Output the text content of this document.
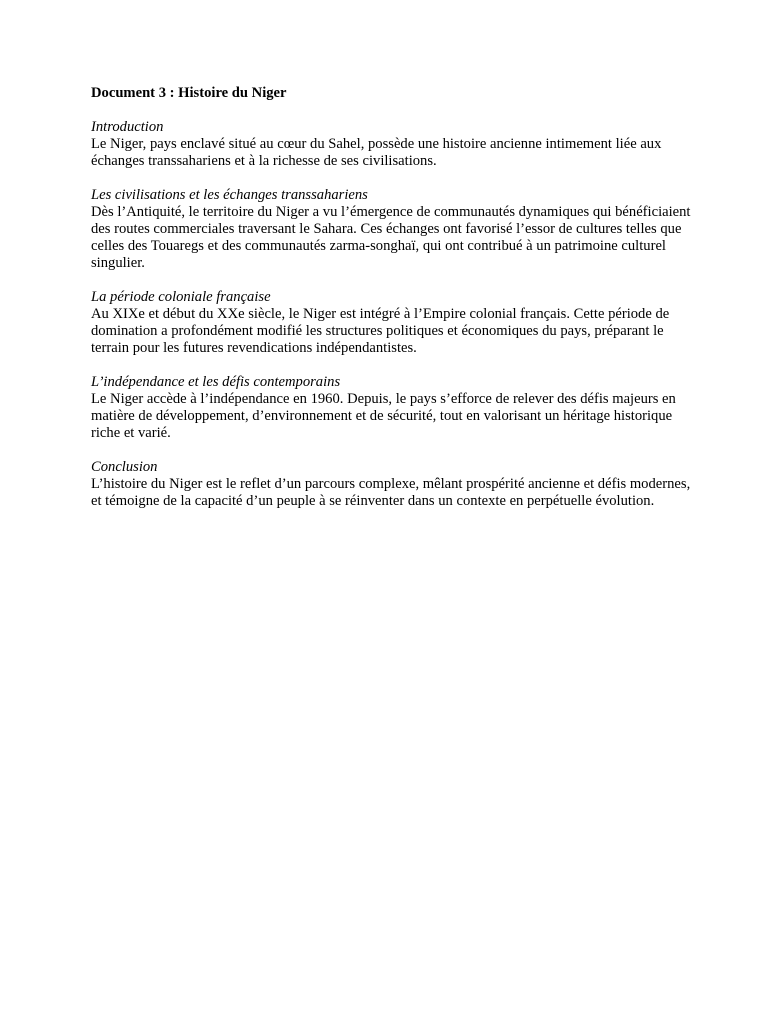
Document 3 : Histoire du Niger
Introduction
Le Niger, pays enclavé situé au cœur du Sahel, possède une histoire ancienne intimement liée aux échanges transsahariens et à la richesse de ses civilisations.
Les civilisations et les échanges transsahariens
Dès l’Antiquité, le territoire du Niger a vu l’émergence de communautés dynamiques qui bénéficiaient des routes commerciales traversant le Sahara. Ces échanges ont favorisé l’essor de cultures telles que celles des Touaregs et des communautés zarma-songhaï, qui ont contribué à un patrimoine culturel singulier.
La période coloniale française
Au XIXe et début du XXe siècle, le Niger est intégré à l’Empire colonial français. Cette période de domination a profondément modifié les structures politiques et économiques du pays, préparant le terrain pour les futures revendications indépendantistes.
L’indépendance et les défis contemporains
Le Niger accède à l’indépendance en 1960. Depuis, le pays s’efforce de relever des défis majeurs en matière de développement, d’environnement et de sécurité, tout en valorisant un héritage historique riche et varié.
Conclusion
L’histoire du Niger est le reflet d’un parcours complexe, mêlant prospérité ancienne et défis modernes, et témoigne de la capacité d’un peuple à se réinventer dans un contexte en perpétuelle évolution.
